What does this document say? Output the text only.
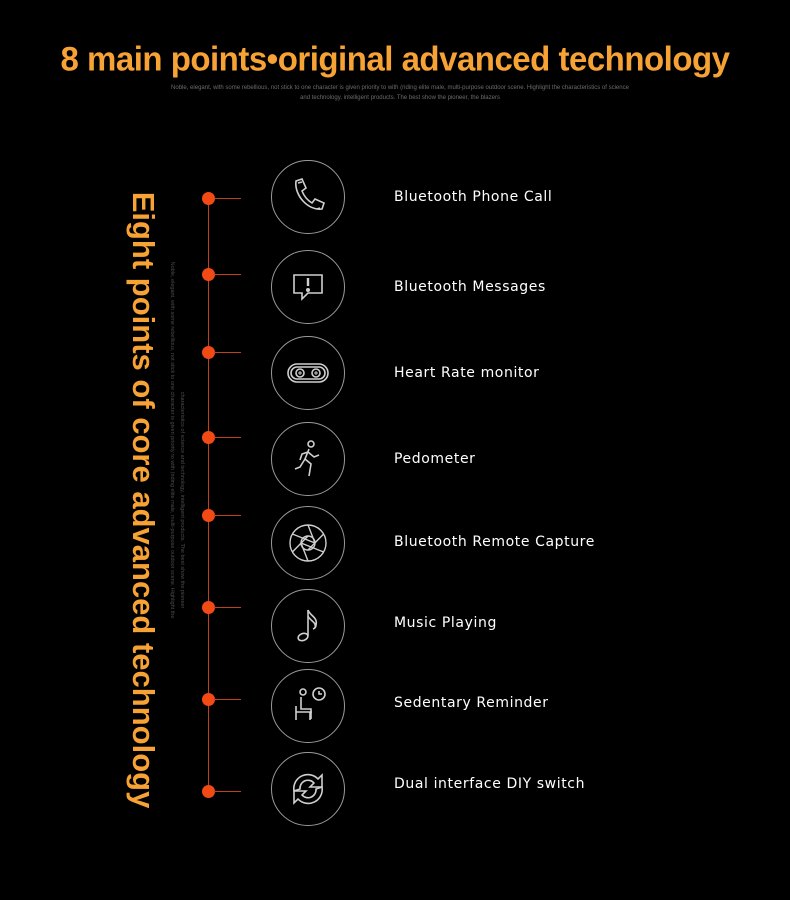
8 main points•original advanced technology
Noble, elegant, with some rebellious, not stick to one character is given priority to with (riding elite male, multi-purpose outdoor scene. Highlight the characteristics of science
and technology, intelligent products. The best show the pioneer, the blazers
Eight points of core advanced technology Noble, elegant, with some rebellious, not stick to one character is given priority to with (riding elite male, multi-purpose outdoor scene. Highlight the characteristics of science and technology, intelligent products. The best show the pioneer
Bluetooth Phone Call
Bluetooth Messages
Heart Rate monitor
Pedometer
Bluetooth Remote Capture
Music Playing
Sedentary Reminder
Dual interface DIY switch
